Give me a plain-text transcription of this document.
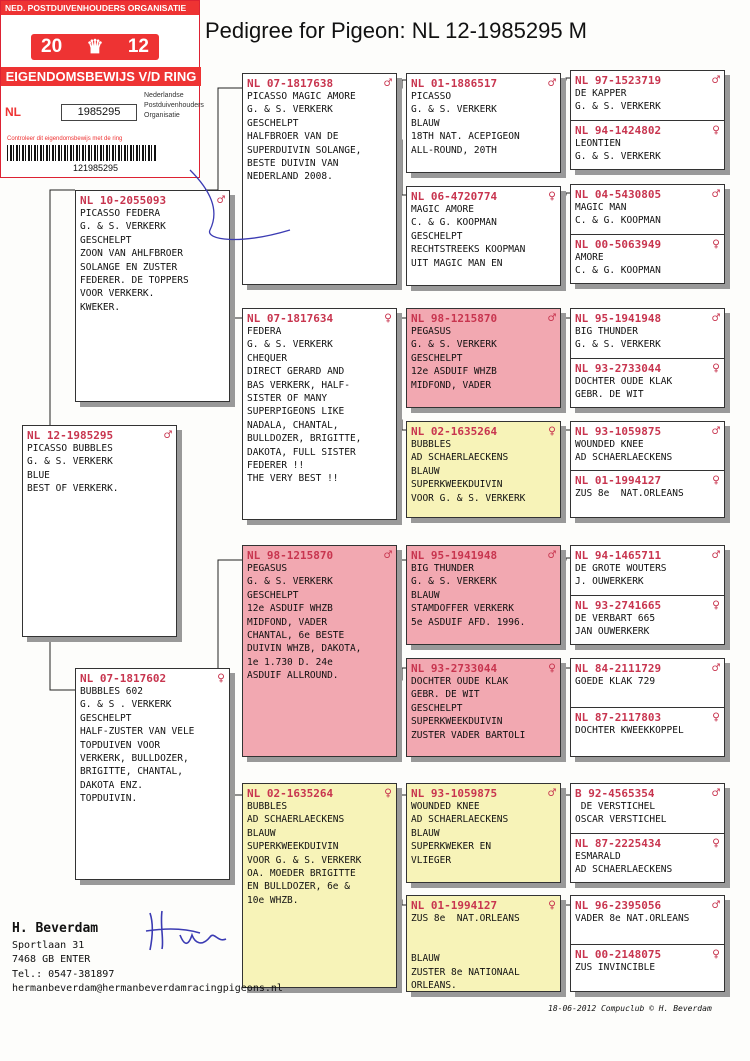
Pedigree for Pigeon: NL 12-1985295 M
NED. POSTDUIVENHOUDERS ORGANISATIE
20 ♛ 12
EIGENDOMSBEWIJS V/D RING
NL	1985295
Nederlandse
Postduivenhouders
Organisatie
Controleer dit eigendomsbewijs met de ring
121985295
NL 12-1985295	♂
PICASSO BUBBLES
G. & S. VERKERK
BLUE
BEST OF VERKERK.
NL 10-2055093	♂
PICASSO FEDERA
G. & S. VERKERK
GESCHELPT
ZOON VAN AHLFBROER
SOLANGE EN ZUSTER
FEDERER. DE TOPPERS
VOOR VERKERK.
KWEKER.
NL 07-1817602	♀
BUBBLES 602
G. & S . VERKERK
GESCHELPT
HALF-ZUSTER VAN VELE
TOPDUIVEN VOOR
VERKERK, BULLDOZER,
BRIGITTE, CHANTAL,
DAKOTA ENZ.
TOPDUIVIN.
NL 07-1817638	♂
PICASSO MAGIC AMORE
G. & S. VERKERK
GESCHELPT
HALFBROER VAN DE
SUPERDUIVIN SOLANGE,
BESTE DUIVIN VAN
NEDERLAND 2008.
NL 07-1817634	♀
FEDERA
G. & S. VERKERK
CHEQUER
DIRECT GERARD AND
BAS VERKERK, HALF-
SISTER OF MANY
SUPERPIGEONS LIKE
NADALA, CHANTAL,
BULLDOZER, BRIGITTE,
DAKOTA, FULL SISTER
FEDERER !!
THE VERY BEST !!
NL 98-1215870	♂
PEGASUS
G. & S. VERKERK
GESCHELPT
12e ASDUIF WHZB
MIDFOND, VADER
CHANTAL, 6e BESTE
DUIVIN WHZB, DAKOTA,
1e 1.730 D. 24e
ASDUIF ALLROUND.
NL 02-1635264	♀
BUBBLES
AD SCHAERLAECKENS
BLAUW
SUPERKWEEKDUIVIN
VOOR G. & S. VERKERK
OA. MOEDER BRIGITTE
EN BULLDOZER, 6e &
10e WHZB.
NL 01-1886517	♂
PICASSO
G. & S. VERKERK
BLAUW
18TH NAT. ACEPIGEON
ALL-ROUND, 20TH
NL 06-4720774	♀
MAGIC AMORE
C. & G. KOOPMAN
GESCHELPT
RECHTSTREEKS KOOPMAN
UIT MAGIC MAN EN
NL 98-1215870	♂
PEGASUS
G. & S. VERKERK
GESCHELPT
12e ASDUIF WHZB
MIDFOND, VADER
NL 02-1635264	♀
BUBBLES
AD SCHAERLAECKENS
BLAUW
SUPERKWEEKDUIVIN
VOOR G. & S. VERKERK
NL 95-1941948	♂
BIG THUNDER
G. & S. VERKERK
BLAUW
STAMDOFFER VERKERK
5e ASDUIF AFD. 1996.
NL 93-2733044	♀
DOCHTER OUDE KLAK
GEBR. DE WIT
GESCHELPT
SUPERKWEEKDUIVIN
ZUSTER VADER BARTOLI
NL 93-1059875	♂
WOUNDED KNEE
AD SCHAERLAECKENS
BLAUW
SUPERKWEKER EN
VLIEGER
NL 01-1994127	♀
ZUS 8e  NAT.ORLEANS

BLAUW
ZUSTER 8e NATIONAAL
ORLEANS.
NL 97-1523719	♂
DE KAPPER
G. & S. VERKERK
NL 94-1424802	♀
LEONTIEN
G. & S. VERKERK
NL 04-5430805	♂
MAGIC MAN
C. & G. KOOPMAN
NL 00-5063949	♀
AMORE
C. & G. KOOPMAN
NL 95-1941948	♂
BIG THUNDER
G. & S. VERKERK
NL 93-2733044	♀
DOCHTER OUDE KLAK
GEBR. DE WIT
NL 93-1059875	♂
WOUNDED KNEE
AD SCHAERLAECKENS
NL 01-1994127	♀
ZUS 8e  NAT.ORLEANS
NL 94-1465711	♂
DE GROTE WOUTERS
J. OUWERKERK
NL 93-2741665	♀
DE VERBART 665
JAN OUWERKERK
NL 84-2111729	♂
GOEDE KLAK 729
NL 87-2117803	♀
DOCHTER KWEEKKOPPEL
B 92-4565354	♂
DE VERSTICHEL
OSCAR VERSTICHEL
NL 87-2225434	♀
ESMARALD
AD SCHAERLAECKENS
NL 96-2395056	♂
VADER 8e NAT.ORLEANS
NL 00-2148075	♀
ZUS INVINCIBLE
H. Beverdam
Sportlaan 31
7468 GB ENTER
Tel.: 0547-381897
hermanbeverdam@hermanbeverdamracingpigeons.nl
18-06-2012 Compuclub © H. Beverdam
